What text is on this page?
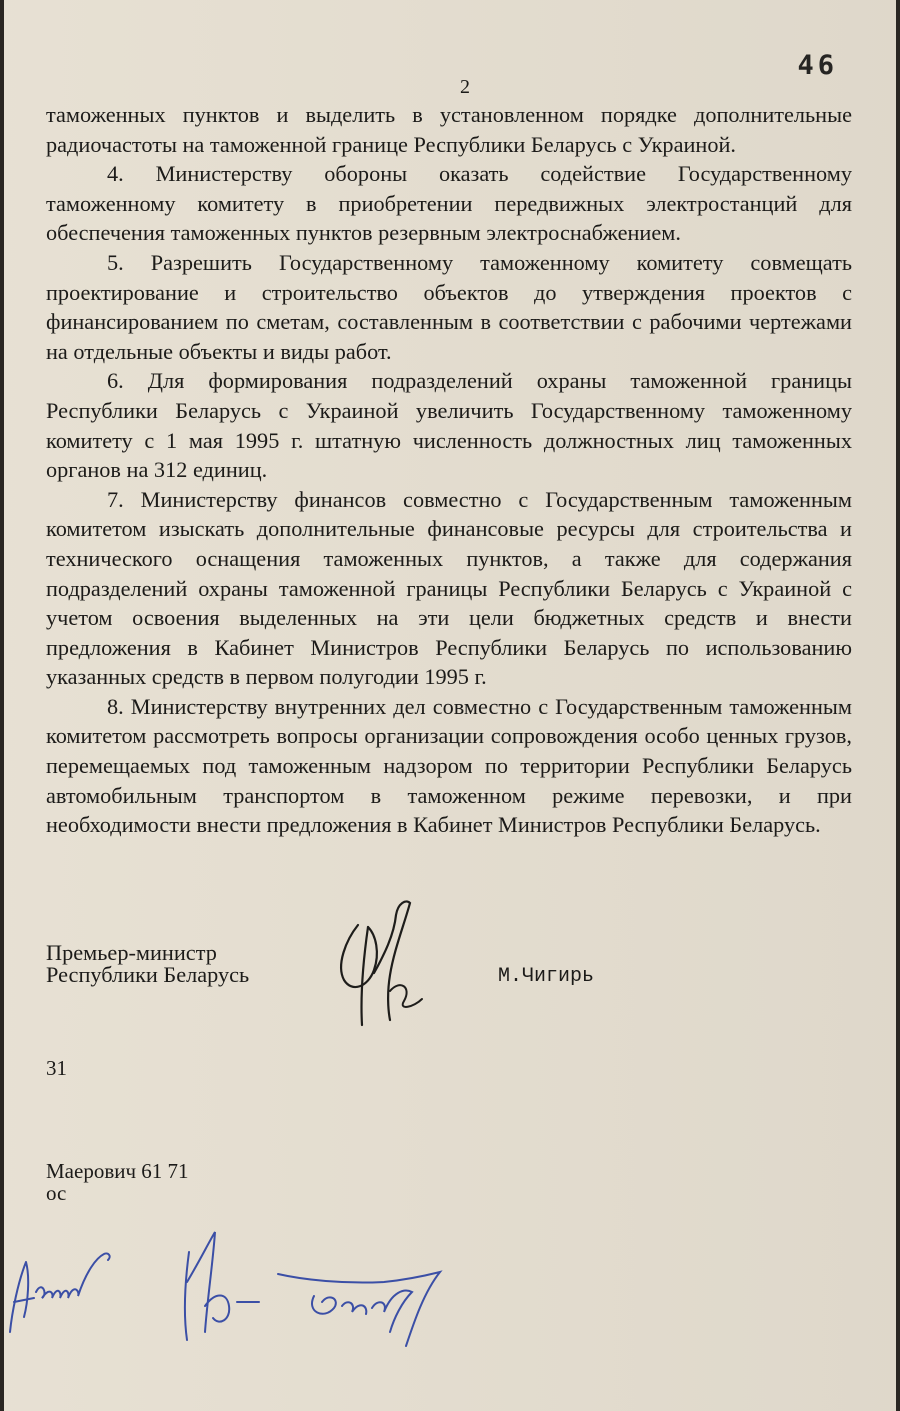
46
2

таможенных пунктов и выделить в установленном порядке дополнительные радиочастоты на таможенной границе Республики Беларусь с Украиной.

4. Министерству обороны оказать содействие Государственному таможенному комитету в приобретении передвижных электростанций для обеспечения таможенных пунктов резервным электроснабжением.

5. Разрешить Государственному таможенному комитету совмещать проектирование и строительство объектов до утверждения проектов с финансированием по сметам, составленным в соответствии с рабочими чертежами на отдельные объекты и виды работ.

6. Для формирования подразделений охраны таможенной границы Республики Беларусь с Украиной увеличить Государственному таможенному комитету с 1 мая 1995 г. штатную численность должностных лиц таможенных органов на 312 единиц.

7. Министерству финансов совместно с Государственным таможенным комитетом изыскать дополнительные финансовые ресурсы для строительства и технического оснащения таможенных пунктов, а также для содержания подразделений охраны таможенной границы Республики Беларусь с Украиной с учетом освоения выделенных на эти цели бюджетных средств и внести предложения в Кабинет Министров Республики Беларусь по использованию указанных средств в первом полугодии 1995 г.

8. Министерству внутренних дел совместно с Государственным таможенным комитетом рассмотреть вопросы организации сопровождения особо ценных грузов, перемещаемых под таможенным надзором по территории Республики Беларусь автомобильным транспортом в таможенном режиме перевозки, и при необходимости внести предложения в Кабинет Министров Республики Беларусь.

Премьер-министр
Республики Беларусь	М.Чигирь
31
Маерович 61 71
ос
